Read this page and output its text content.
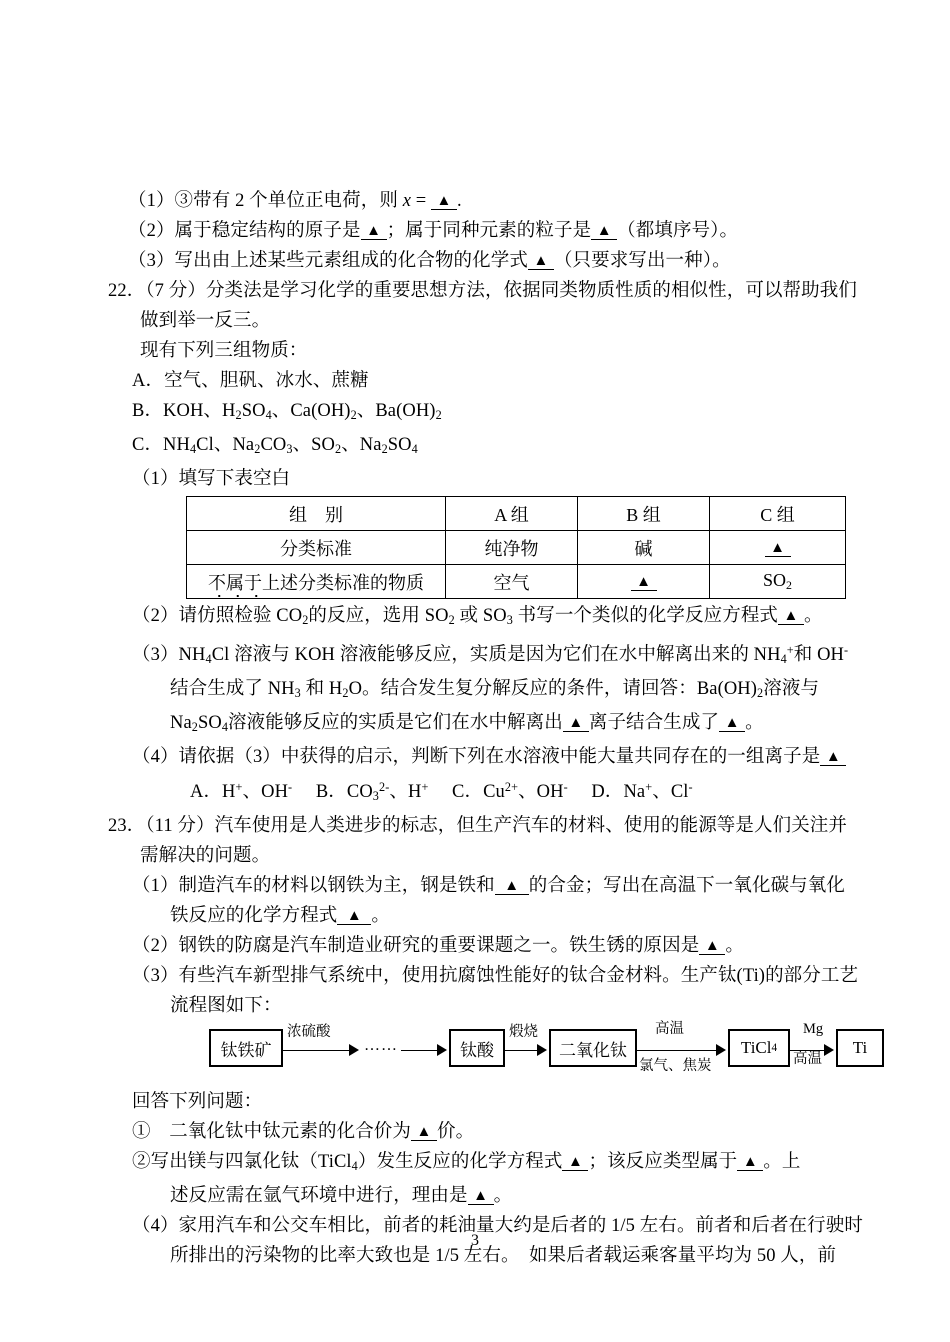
（1）③带有 2 个单位正电荷，则 x = ▲ .
（2）属于稳定结构的原子是 ▲ ；属于同种元素的粒子是 ▲ （都填序号）。
（3）写出由上述某些元素组成的化合物的化学式 ▲ （只要求写出一种）。
22．（7 分）分类法是学习化学的重要思想方法，依据同类物质性质的相似性，可以帮助我们
做到举一反三。
现有下列三组物质：
A．空气、胆矾、冰水、蔗糖
B．KOH、$H_2SO_4$、$Ca(OH)_2$、$Ba(OH)_2$
C．$NH_4Cl$、$Na_2CO_3$、$SO_2$、$Na_2SO_4$
（1）填写下表空白
组　别	A 组	B 组	C 组
分类标准	纯净物	碱	▲
不属于上述分类标准的物质	空气	▲	$SO_2$
（2）请仿照检验 $CO_2$的反应，选用 $SO_2$ 或 $SO_3$ 书写一个类似的化学反应方程式 ▲ 。
$(3)NH_4Cl$ 溶液与 KOH 溶液能够反应，实质是因为它们在水中解离出来的 $NH_4^+$和 OH-
结合生成了 $NH_3$ 和 $H_2O$。结合发生复分解反应的条件，请回答：$Ba(OH)_2$溶液与
$Na_2SO_4$溶液能够反应的实质是它们在水中解离出 ▲ 离子结合生成了 ▲ 。
（4）请依据（3）中获得的启示，判断下列在水溶液中能大量共同存在的一组离子是 ▲
A．H+、OH- B．$CO_3^{2-}$、H+ C．$Cu^{2+}$、OH- D．Na+、Cl-
23．（11 分）汽车使用是人类进步的标志，但生产汽车的材料、使用的能源等是人们关注并
需解决的问题。
（1）制造汽车的材料以钢铁为主，钢是铁和 ▲ 的合金；写出在高温下一氧化碳与氧化
铁反应的化学方程式 ▲ 。
（2）钢铁的防腐是汽车制造业研究的重要课题之一。铁生锈的原因是 ▲ 。
（3）有些汽车新型排气系统中，使用抗腐蚀性能好的钛合金材料。生产钛(Ti)的部分工艺
流程图如下：
钛铁矿
浓硫酸
……	钛酸
煅烧
二氧化钛
高温
氯气、焦炭
TiCl 4
Mg
高温
Ti
回答下列问题：
①　二氧化钛中钛元素的化合价为 ▲ 价。
②写出镁与四氯化钛（TiCl$_4$）发生反应的化学方程式 ▲ ；该反应类型属于 ▲ 。上
述反应需在氩气环境中进行，理由是 ▲ 。
（4）家用汽车和公交车相比，前者的耗油量大约是后者的 1/5 左右。前者和后者在行驶时
所排出的污染物的比率大致也是 1/5 左右。　如果后者载运乘客量平均为 50 人，前
3
